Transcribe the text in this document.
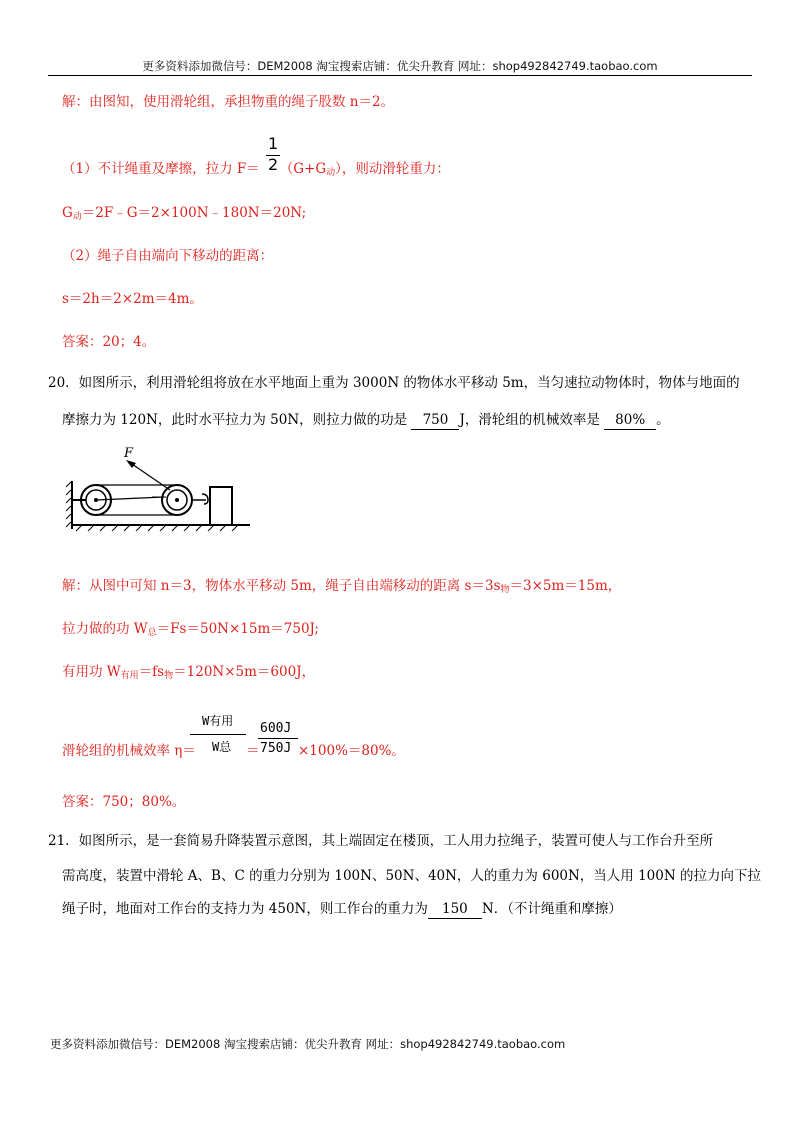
更多资料添加微信号：DEM2008 淘宝搜索店铺：优尖升教育 网址：shop492842749.taobao.com
解：由图知，使用滑轮组，承担物重的绳子股数 n＝2。
（1）不计绳重及摩擦，拉力 $F= (G+G_动)$，则动滑轮重力：
1
2
$G_动=2F﹣G=2\times 100N﹣180N=20N$;
（2）绳子自由端向下移动的距离：
s＝2h＝2×2m＝4m。
答案：20；4。
20．如图所示，利用滑轮组将放在水平地面上重为 3000N 的物体水平移动 5m，当匀速拉动物体时，物体与地面的
摩擦力为 120N，此时水平拉力为 50N，则拉力做的功是 750 J，滑轮组的机械效率是 80% 。
F
解：从图中可知 n＝3，物体水平移动 5m，绳子自由端移动的距离 $s=3s_物=3\times 5m=15m$，
拉力做的功 $W_总=Fs=50N\times 15m=750J$;
有用功 $W_{有用}=fs_物=120N\times 5m=600J$，
滑轮组的机械效率 η＝
W有用
W总 ＝
600J
750J ×100%＝80%。
答案：750；80%。
21．如图所示，是一套简易升降装置示意图，其上端固定在楼顶，工人用力拉绳子，装置可使人与工作台升至所
需高度，装置中滑轮 A、B、C 的重力分别为 100N、50N、40N，人的重力为 600N，当人用 100N 的拉力向下拉
绳子时，地面对工作台的支持力为 450N，则工作台的重力为 150 N．（不计绳重和摩擦）
更多资料添加微信号：DEM2008 淘宝搜索店铺：优尖升教育 网址：shop492842749.taobao.com
